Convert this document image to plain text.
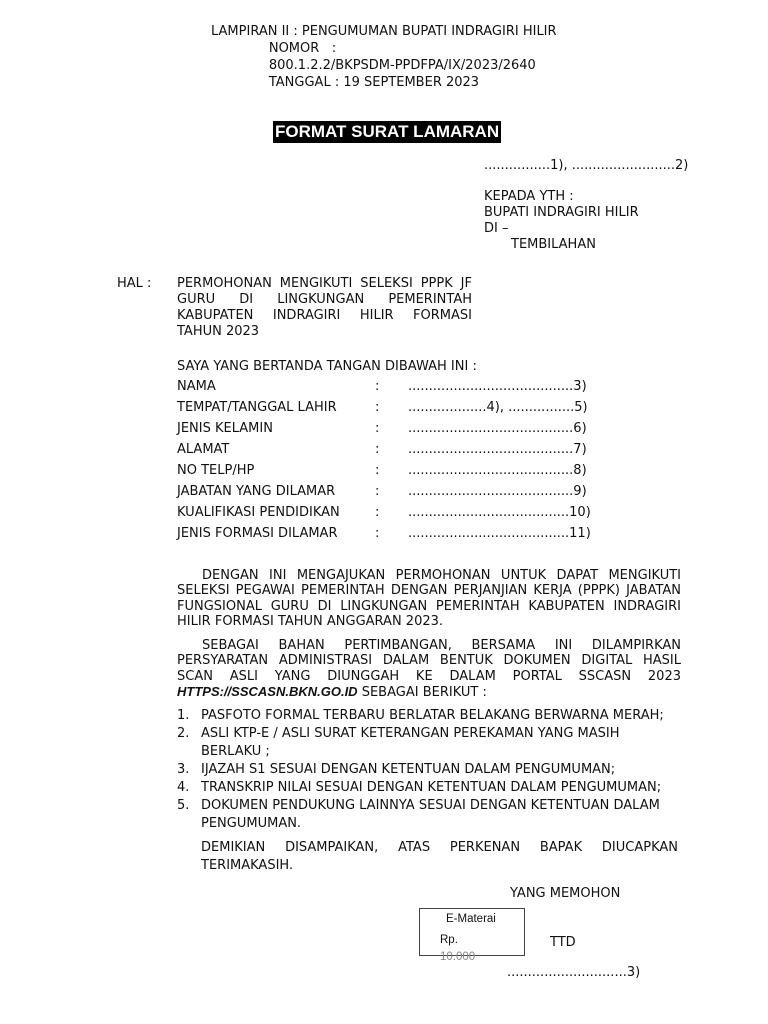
LAMPIRAN II : PENGUMUMAN BUPATI INDRAGIRI HILIR
NOMOR   :
800.1.2.2/BKPSDM-PPDFPA/IX/2023/2640
TANGGAL : 19 SEPTEMBER 2023
FORMAT SURAT LAMARAN
................1), .........................2)
KEPADA YTH :
BUPATI INDRAGIRI HILIR
DI –
TEMBILAHAN
HAL : PERMOHONAN MENGIKUTI SELEKSI PPPK JF GURU DI LINGKUNGAN PEMERINTAH KABUPATEN INDRAGIRI HILIR FORMASI TAHUN 2023
SAYA YANG BERTANDA TANGAN DIBAWAH INI :
NAMA	: ........................................3)
TEMPAT/TANGGAL LAHIR	: ...................4), ................5)
JENIS KELAMIN	: ........................................6)
ALAMAT	: ........................................7)
NO TELP/HP	: ........................................8)
JABATAN YANG DILAMAR	: ........................................9)
KUALIFIKASI PENDIDIKAN	: .......................................10)
JENIS FORMASI DILAMAR	: .......................................11)
DENGAN INI MENGAJUKAN PERMOHONAN UNTUK DAPAT MENGIKUTI SELEKSI PEGAWAI PEMERINTAH DENGAN PERJANJIAN KERJA (PPPK) JABATAN FUNGSIONAL GURU DI LINGKUNGAN PEMERINTAH KABUPATEN INDRAGIRI HILIR FORMASI TAHUN ANGGARAN 2023.
SEBAGAI BAHAN PERTIMBANGAN, BERSAMA INI DILAMPIRKAN PERSYARATAN ADMINISTRASI DALAM BENTUK DOKUMEN DIGITAL HASIL SCAN ASLI YANG DIUNGGAH KE DALAM PORTAL SSCASN 2023 HTTPS://SSCASN.BKN.GO.ID SEBAGAI BERIKUT :
1. PASFOTO FORMAL TERBARU BERLATAR BELAKANG BERWARNA MERAH;
2. ASLI KTP-E / ASLI SURAT KETERANGAN PEREKAMAN YANG MASIH BERLAKU ;
3. IJAZAH S1 SESUAI DENGAN KETENTUAN DALAM PENGUMUMAN;
4. TRANSKRIP NILAI SESUAI DENGAN KETENTUAN DALAM PENGUMUMAN;
5. DOKUMEN PENDUKUNG LAINNYA SESUAI DENGAN KETENTUAN DALAM PENGUMUMAN.
DEMIKIAN DISAMPAIKAN, ATAS PERKENAN BAPAK DIUCAPKAN TERIMAKASIH.
YANG MEMOHON
E-Materai
Rp.
10.000
TTD
.............................3)
